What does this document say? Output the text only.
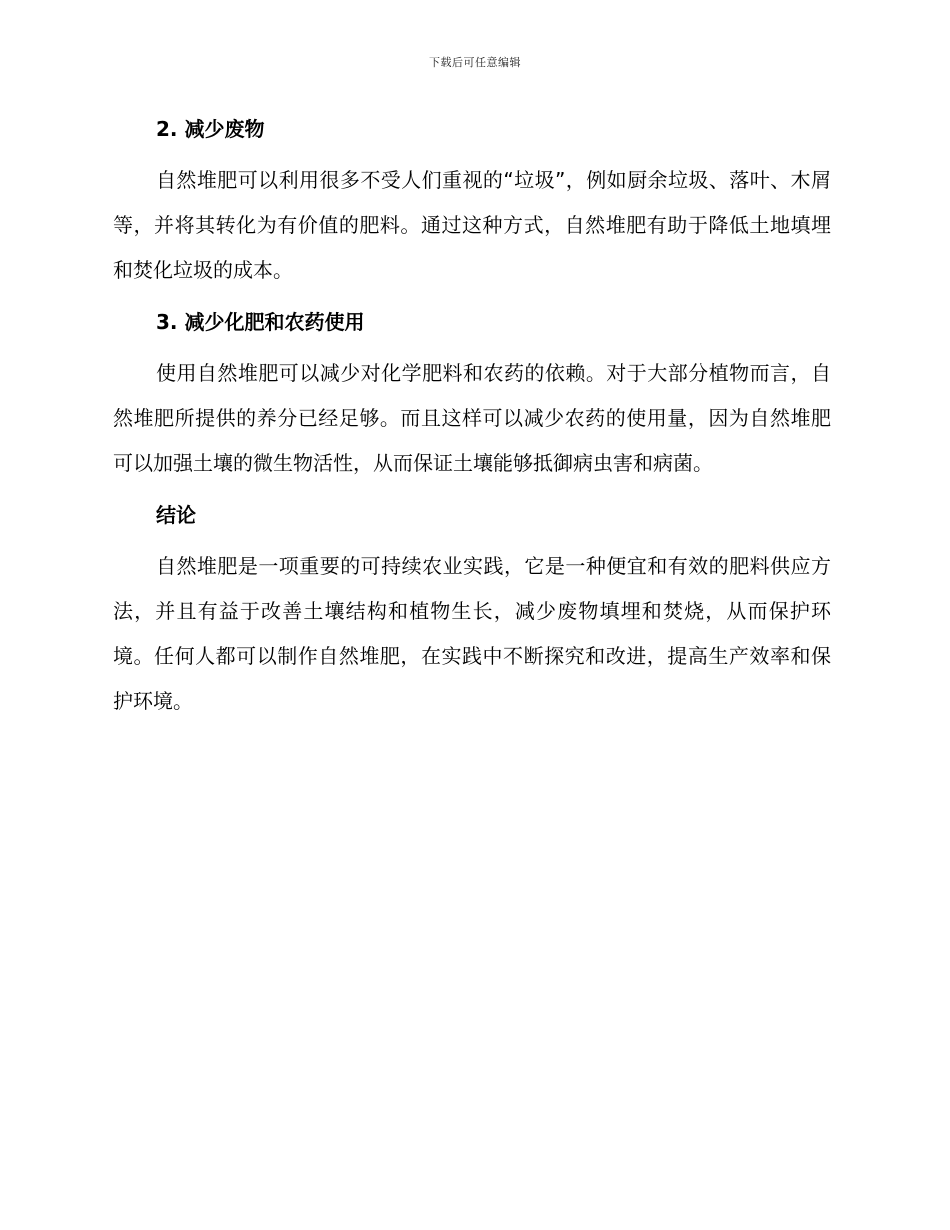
下载后可任意编辑
2. 减少废物

自然堆肥可以利用很多不受人们重视的“垃圾”，例如厨余垃圾、落叶、木屑等，并将其转化为有价值的肥料。通过这种方式，自然堆肥有助于降低土地填埋和焚化垃圾的成本。

3. 减少化肥和农药使用

使用自然堆肥可以减少对化学肥料和农药的依赖。对于大部分植物而言，自然堆肥所提供的养分已经足够。而且这样可以减少农药的使用量，因为自然堆肥可以加强土壤的微生物活性，从而保证土壤能够抵御病虫害和病菌。

结论

自然堆肥是一项重要的可持续农业实践，它是一种便宜和有效的肥料供应方法，并且有益于改善土壤结构和植物生长，减少废物填埋和焚烧，从而保护环境。任何人都可以制作自然堆肥，在实践中不断探究和改进，提高生产效率和保护环境。
